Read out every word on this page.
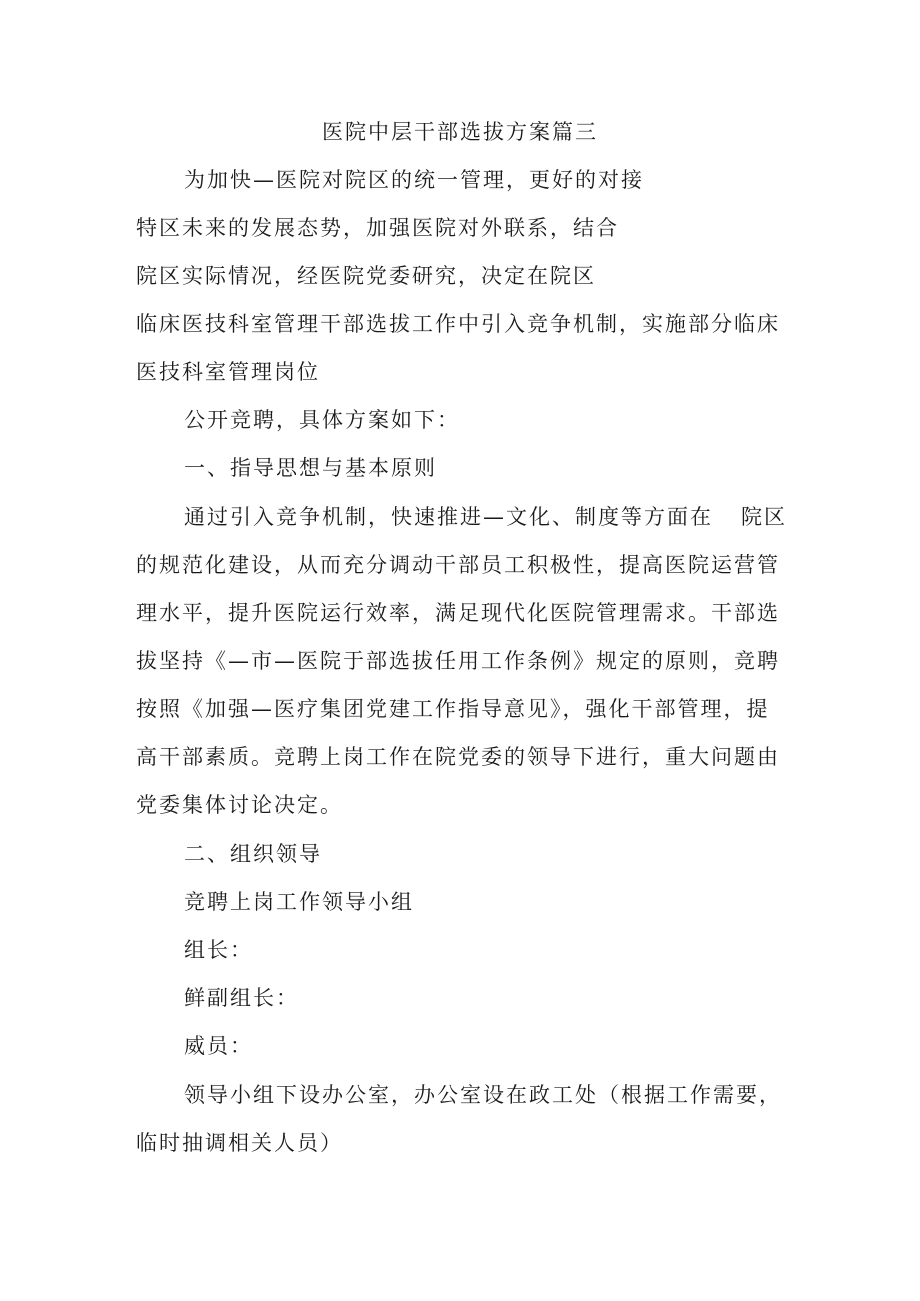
医院中层干部选拔方案篇三
为加快—医院对院区的统一管理，更好的对接
特区未来的发展态势，加强医院对外联系，结合
院区实际情况，经医院党委研究，决定在院区
临床医技科室管理干部选拔工作中引入竞争机制，实施部分临床
医技科室管理岗位
公开竞聘，具体方案如下：
一、指导思想与基本原则
通过引入竞争机制，快速推进—文化、制度等方面在 院区
的规范化建设，从而充分调动干部员工积极性，提高医院运营管
理水平，提升医院运行效率，满足现代化医院管理需求。干部选
拔坚持《—市—医院于部选拔任用工作条例》规定的原则，竞聘
按照《加强—医疗集团党建工作指导意见》，强化干部管理，提
高干部素质。竞聘上岗工作在院党委的领导下进行，重大问题由
党委集体讨论决定。
二、组织领导
竞聘上岗工作领导小组
组长：
鲜副组长：
威员：
领导小组下设办公室，办公室设在政工处（根据工作需要，
临时抽调相关人员）
